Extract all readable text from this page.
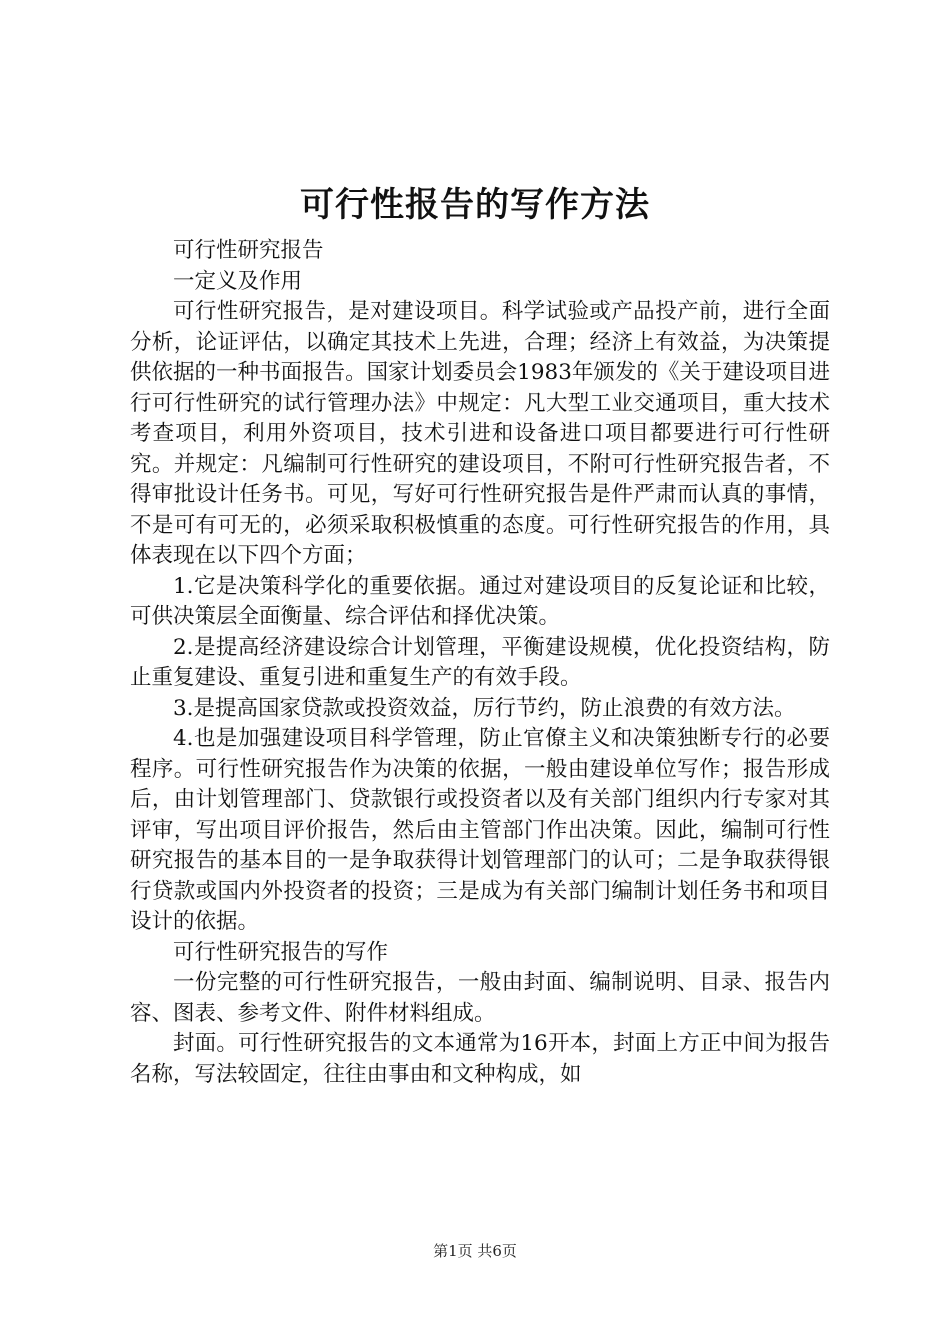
可行性报告的写作方法

可行性研究报告

一定义及作用

可行性研究报告，是对建设项目。科学试验或产品投产前，进行全面分析，论证评估，以确定其技术上先进，合理；经济上有效益，为决策提供依据的一种书面报告。国家计划委员会1983年颁发的《关于建设项目进行可行性研究的试行管理办法》中规定：凡大型工业交通项目，重大技术考查项目，利用外资项目，技术引进和设备进口项目都要进行可行性研究。并规定：凡编制可行性研究的建设项目，不附可行性研究报告者，不得审批设计任务书。可见，写好可行性研究报告是件严肃而认真的事情，不是可有可无的，必须采取积极慎重的态度。可行性研究报告的作用，具体表现在以下四个方面；

1.它是决策科学化的重要依据。通过对建设项目的反复论证和比较，可供决策层全面衡量、综合评估和择优决策。

2.是提高经济建设综合计划管理，平衡建设规模，优化投资结构，防止重复建设、重复引进和重复生产的有效手段。

3.是提高国家贷款或投资效益，厉行节约，防止浪费的有效方法。

4.也是加强建设项目科学管理，防止官僚主义和决策独断专行的必要程序。可行性研究报告作为决策的依据，一般由建设单位写作；报告形成后，由计划管理部门、贷款银行或投资者以及有关部门组织内行专家对其评审，写出项目评价报告，然后由主管部门作出决策。因此，编制可行性研究报告的基本目的一是争取获得计划管理部门的认可；二是争取获得银行贷款或国内外投资者的投资；三是成为有关部门编制计划任务书和项目设计的依据。

可行性研究报告的写作

一份完整的可行性研究报告，一般由封面、编制说明、目录、报告内容、图表、参考文件、附件材料组成。

封面。可行性研究报告的文本通常为16开本，封面上方正中间为报告名称，写法较固定，往往由事由和文种构成，如

第1页 共6页
